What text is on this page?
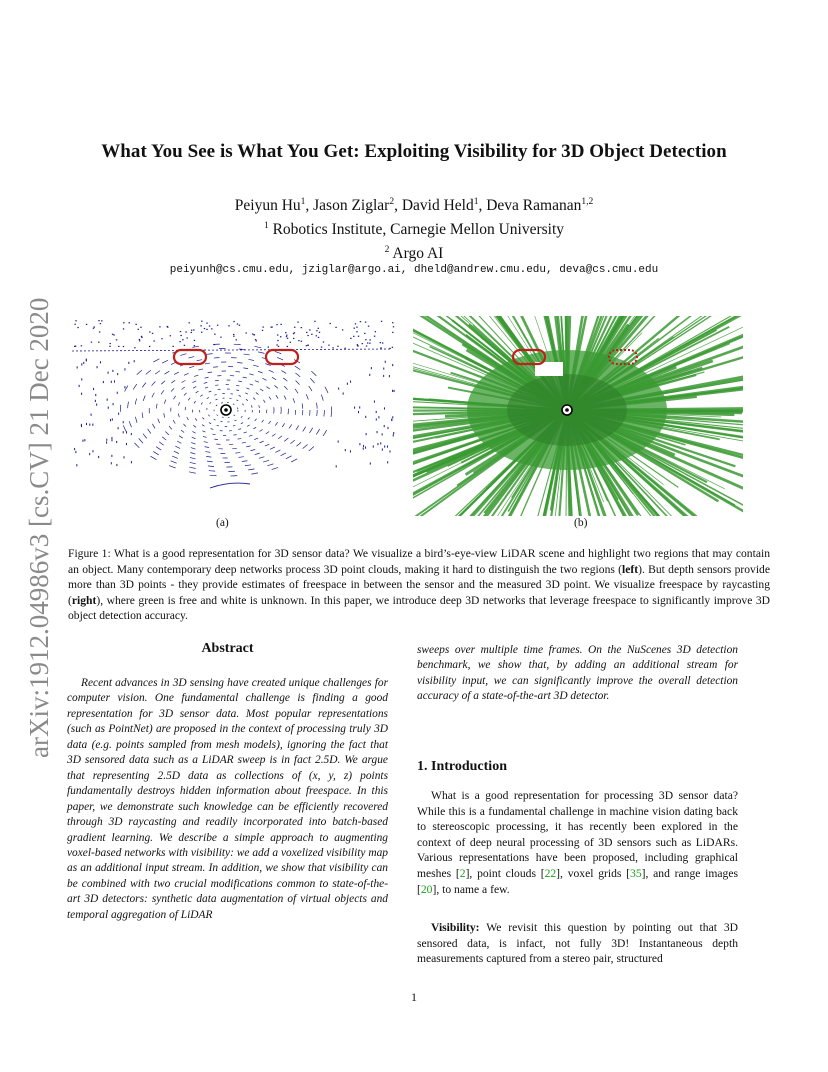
arXiv:1912.04986v3 [cs.CV] 21 Dec 2020
What You See is What You Get: Exploiting Visibility for 3D Object Detection
Peiyun Hu$^1$, Jason Ziglar$^2$, David Held$^1$, Deva Ramanan$^{1,2}$
$^1$ Robotics Institute, Carnegie Mellon University
$^2$ Argo AI
peiyunh@cs.cmu.edu, jziglar@argo.ai, dheld@andrew.cmu.edu, deva@cs.cmu.edu
(a)	(b)
Figure 1: What is a good representation for 3D sensor data? We visualize a bird’s-eye-view LiDAR scene and highlight two regions that may contain an object. Many contemporary deep networks process 3D point clouds, making it hard to distinguish the two regions (left). But depth sensors provide more than 3D points - they provide estimates of freespace in between the sensor and the measured 3D point. We visualize freespace by raycasting (right), where green is free and white is unknown. In this paper, we introduce deep 3D networks that leverage freespace to significantly improve 3D object detection accuracy.
Abstract
Recent advances in 3D sensing have created unique challenges for computer vision. One fundamental challenge is finding a good representation for 3D sensor data. Most popular representations (such as PointNet) are proposed in the context of processing truly 3D data (e.g. points sampled from mesh models), ignoring the fact that 3D sensored data such as a LiDAR sweep is in fact 2.5D. We argue that representing 2.5D data as collections of (x, y, z) points fundamentally destroys hidden information about freespace. In this paper, we demonstrate such knowledge can be efficiently recovered through 3D raycasting and readily incorporated into batch-based gradient learning. We describe a simple approach to augmenting voxel-based networks with visibility: we add a voxelized visibility map as an additional input stream. In addition, we show that visibility can be combined with two crucial modifications common to state-of-the-art 3D detectors: synthetic data augmentation of virtual objects and temporal aggregation of LiDAR
sweeps over multiple time frames. On the NuScenes 3D detection benchmark, we show that, by adding an additional stream for visibility input, we can significantly improve the overall detection accuracy of a state-of-the-art 3D detector.
1. Introduction
What is a good representation for processing 3D sensor data? While this is a fundamental challenge in machine vision dating back to stereoscopic processing, it has recently been explored in the context of deep neural processing of 3D sensors such as LiDARs. Various representations have been proposed, including graphical meshes [2], point clouds [22], voxel grids [35], and range images [20], to name a few.
Visibility: We revisit this question by pointing out that 3D sensored data, is infact, not fully 3D! Instantaneous depth measurements captured from a stereo pair, structured
1
